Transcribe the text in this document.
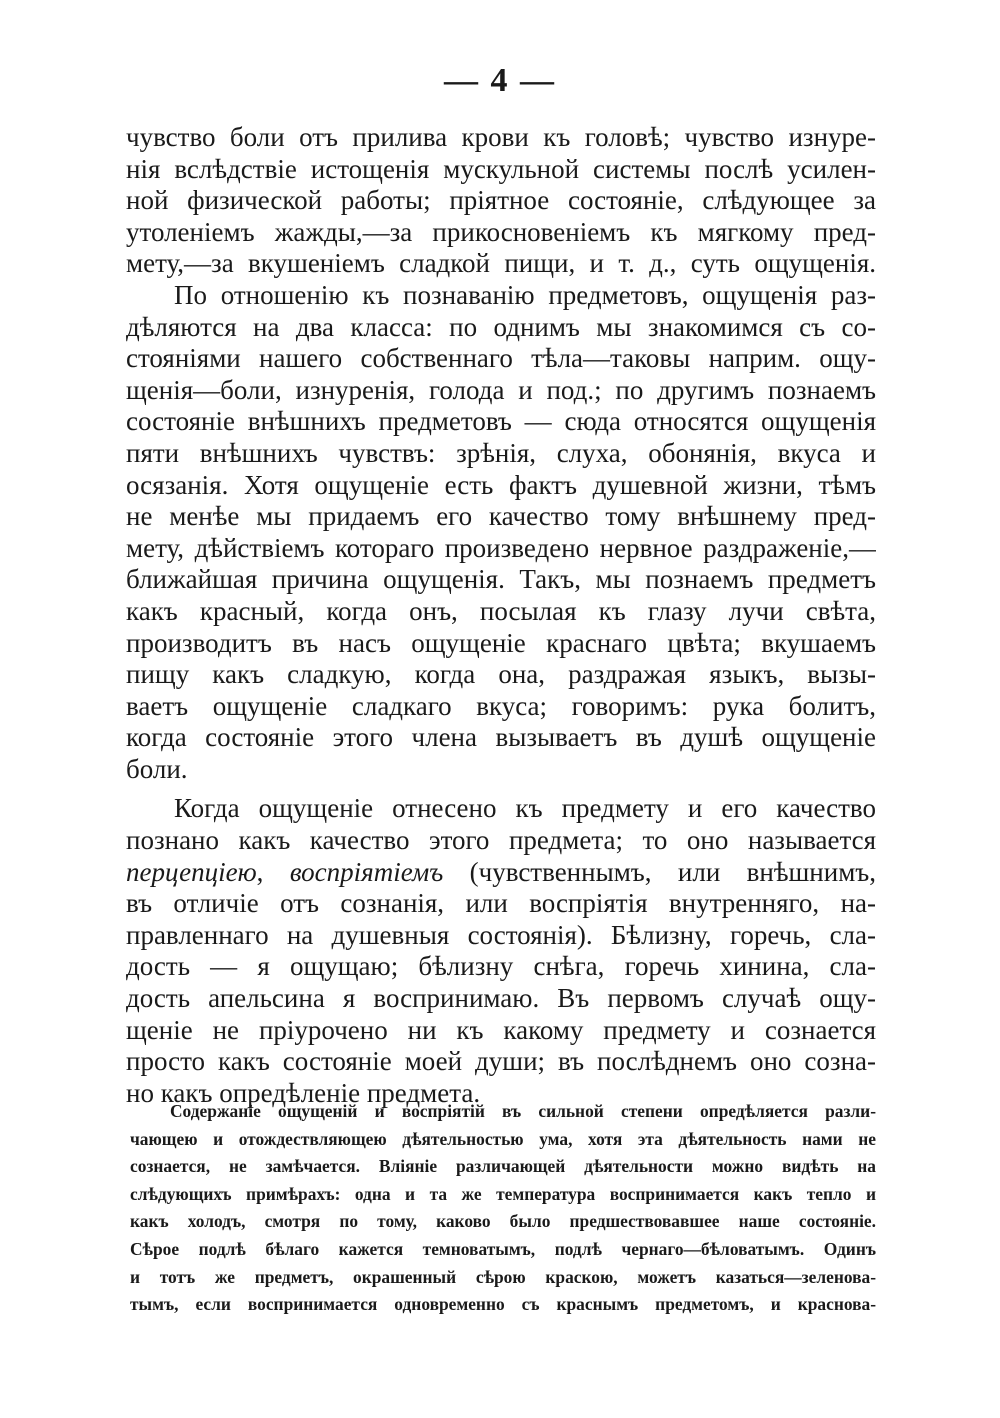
— 4 —
чувство боли отъ прилива крови къ головѣ; чувство изнуре-
нія вслѣдствіе истощенія мускульной системы послѣ усилен-
ной физической работы; пріятное состояніе, слѣдующее за
утоленіемъ жажды,—за прикосновеніемъ къ мягкому пред-
мету,—за вкушеніемъ сладкой пищи, и т. д., суть ощущенія.
По отношенію къ познаванію предметовъ, ощущенія раз-
дѣляются на два класса: по однимъ мы знакомимся съ со-
стояніями нашего собственнаго тѣла—таковы наприм. ощу-
щенія—боли, изнуренія, голода и под.; по другимъ познаемъ
состояніе внѣшнихъ предметовъ — сюда относятся ощущенія
пяти внѣшнихъ чувствъ: зрѣнія, слуха, обонянія, вкуса и
осязанія. Хотя ощущеніе есть фактъ душевной жизни, тѣмъ
не менѣе мы придаемъ его качество тому внѣшнему пред-
мету, дѣйствіемъ котораго произведено нервное раздраженіе,—
ближайшая причина ощущенія. Такъ, мы познаемъ предметъ
какъ красный, когда онъ, посылая къ глазу лучи свѣта,
производитъ въ насъ ощущеніе краснаго цвѣта; вкушаемъ
пищу какъ сладкую, когда она, раздражая языкъ, вызы-
ваетъ ощущеніе сладкаго вкуса; говоримъ: рука болитъ,
когда состояніе этого члена вызываетъ въ душѣ ощущеніе
боли.
Когда ощущеніе отнесено къ предмету и его качество
познано какъ качество этого предмета; то оно называется
перцепціею, воспріятіемъ (чувственнымъ, или внѣшнимъ,
въ отличіе отъ сознанія, или воспріятія внутренняго, на-
правленнаго на душевныя состоянія). Бѣлизну, горечь, сла-
дость — я ощущаю; бѣлизну снѣга, горечь хинина, сла-
дость апельсина я воспринимаю. Въ первомъ случаѣ ощу-
щеніе не пріурочено ни къ какому предмету и сознается
просто какъ состояніе моей души; въ послѣднемъ оно созна-
но какъ опредѣленіе предмета.
Содержаніе ощущеній и воспріятій въ сильной степени опредѣляется разли-
чающею и отождествляющею дѣятельностью ума, хотя эта дѣятельность нами не
сознается, не замѣчается. Вліяніе различающей дѣятельности можно видѣть на
слѣдующихъ примѣрахъ: одна и та же температура воспринимается какъ тепло и
какъ холодъ, смотря по тому, каково было предшествовавшее наше состояніе.
Сѣрое подлѣ бѣлаго кажется темноватымъ, подлѣ чернаго—бѣловатымъ. Одинъ
и тотъ же предметъ, окрашенный сѣрою краскою, можетъ казаться—зеленова-
тымъ, если воспринимается одновременно съ краснымъ предметомъ, и краснова-
